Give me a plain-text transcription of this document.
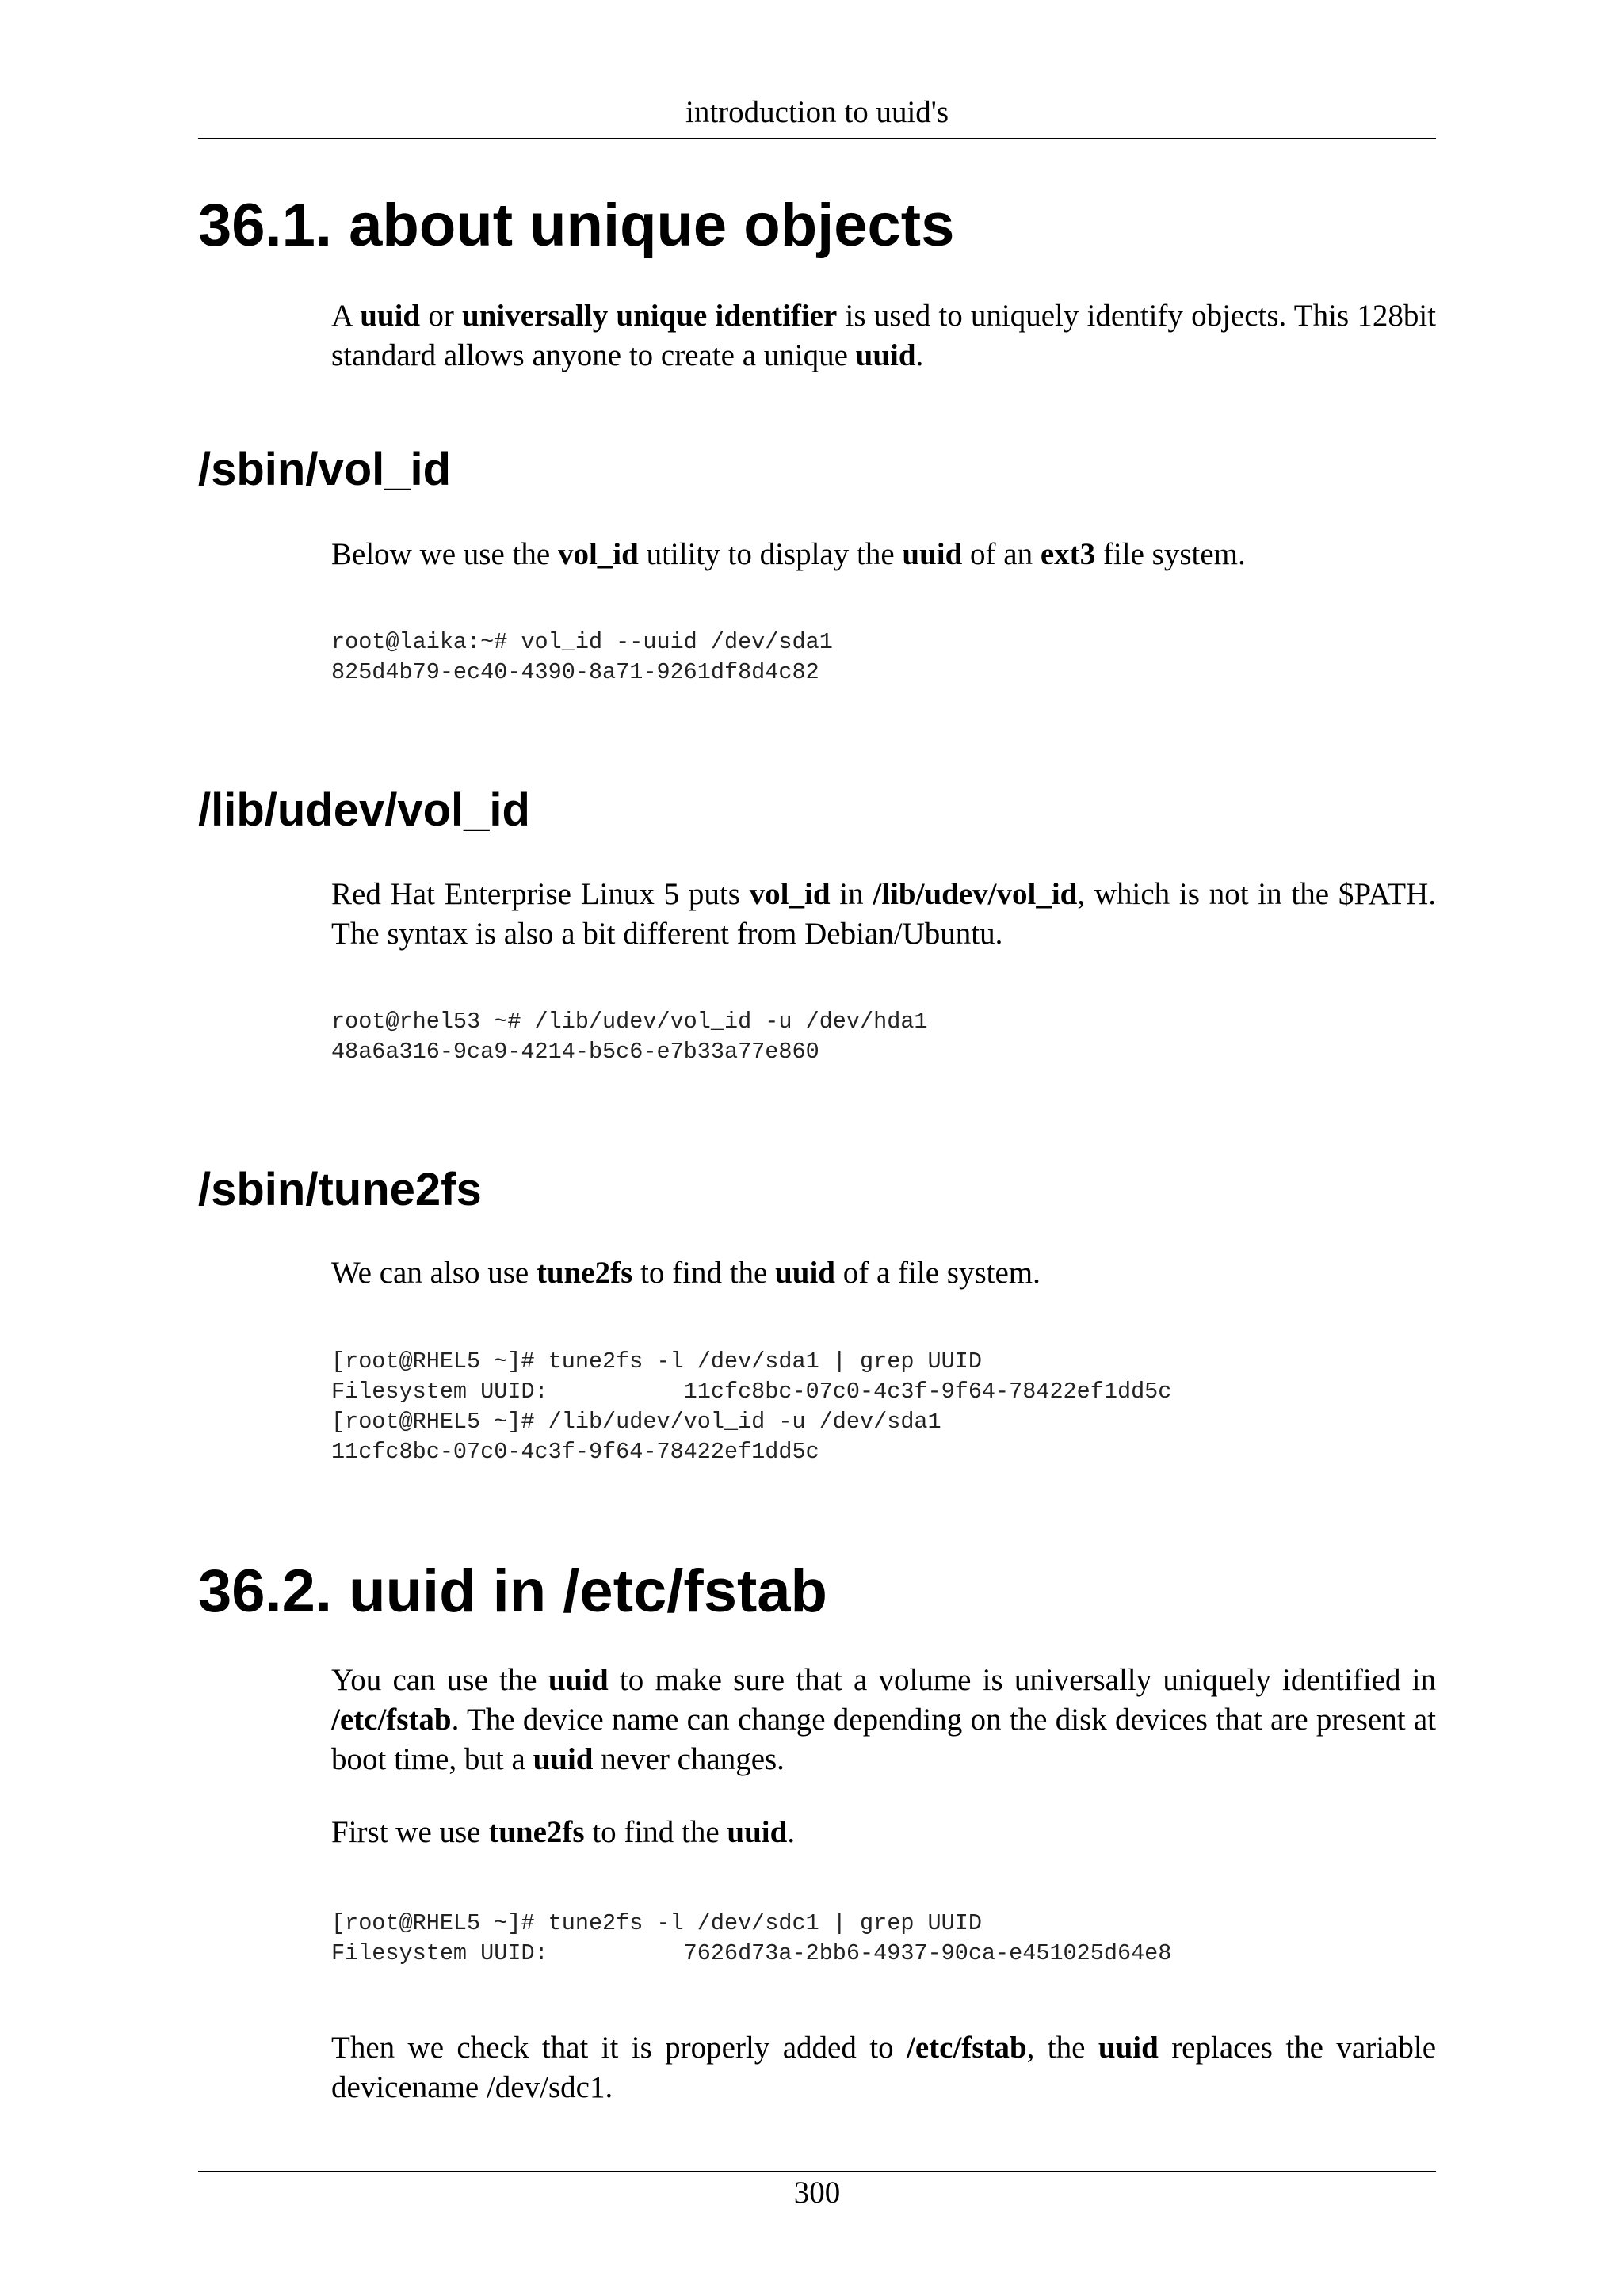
introduction to uuid's
36.1. about unique objects

A uuid or universally unique identifier is used to uniquely identify objects. This 128bit standard allows anyone to create a unique uuid.

/sbin/vol_id

Below we use the vol_id utility to display the uuid of an ext3 file system.

root@laika:~# vol_id --uuid /dev/sda1
825d4b79-ec40-4390-8a71-9261df8d4c82
/lib/udev/vol_id

Red Hat Enterprise Linux 5 puts vol_id in /lib/udev/vol_id, which is not in the $PATH. The syntax is also a bit different from Debian/Ubuntu.

root@rhel53 ~# /lib/udev/vol_id -u /dev/hda1
48a6a316-9ca9-4214-b5c6-e7b33a77e860
/sbin/tune2fs

We can also use tune2fs to find the uuid of a file system.

[root@RHEL5 ~]# tune2fs -l /dev/sda1 | grep UUID
Filesystem UUID:          11cfc8bc-07c0-4c3f-9f64-78422ef1dd5c
[root@RHEL5 ~]# /lib/udev/vol_id -u /dev/sda1
11cfc8bc-07c0-4c3f-9f64-78422ef1dd5c
36.2. uuid in /etc/fstab

You can use the uuid to make sure that a volume is universally uniquely identified in /etc/fstab. The device name can change depending on the disk devices that are present at boot time, but a uuid never changes.

First we use tune2fs to find the uuid.

[root@RHEL5 ~]# tune2fs -l /dev/sdc1 | grep UUID
Filesystem UUID:          7626d73a-2bb6-4937-90ca-e451025d64e8

Then we check that it is properly added to /etc/fstab, the uuid replaces the variable devicename /dev/sdc1.

300
